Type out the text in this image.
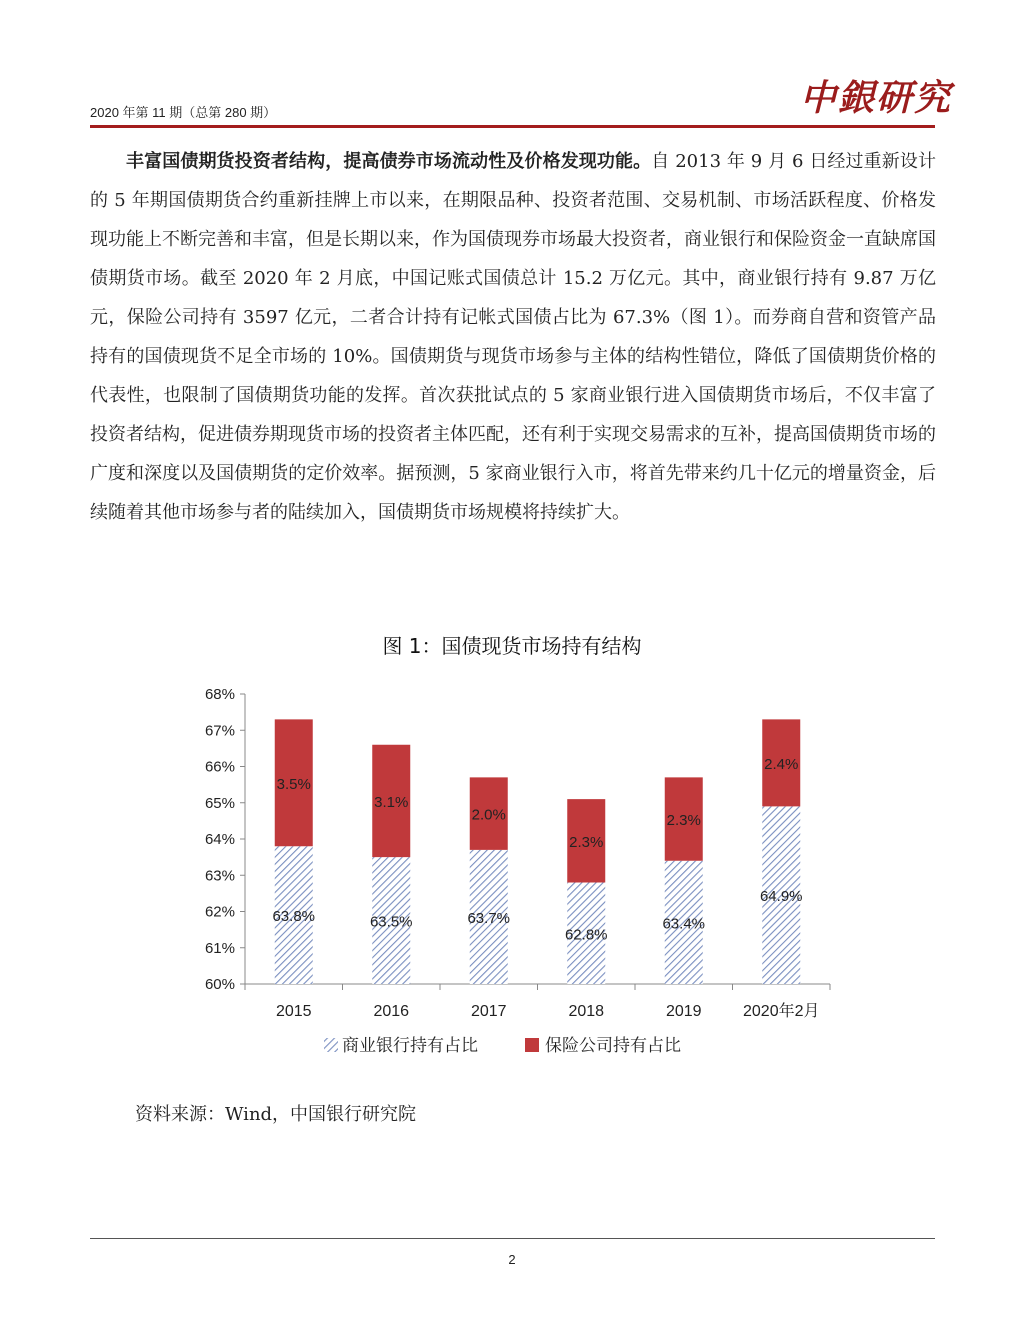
2020 年第 11 期（总第 280 期）	中銀研究
丰富国债期货投资者结构，提高债券市场流动性及价格发现功能。自 2013 年 9 月 6 日经过重新设计的 5 年期国债期货合约重新挂牌上市以来，在期限品种、投资者范围、交易机制、市场活跃程度、价格发现功能上不断完善和丰富，但是长期以来，作为国债现券市场最大投资者，商业银行和保险资金一直缺席国债期货市场。截至 2020 年 2 月底，中国记账式国债总计 15.2 万亿元。其中，商业银行持有 9.87 万亿元，保险公司持有 3597 亿元，二者合计持有记帐式国债占比为 67.3%（图 1）。而券商自营和资管产品持有的国债现货不足全市场的 10%。国债期货与现货市场参与主体的结构性错位，降低了国债期货价格的代表性，也限制了国债期货功能的发挥。首次获批试点的 5 家商业银行进入国债期货市场后，不仅丰富了投资者结构，促进债券期现货市场的投资者主体匹配，还有利于实现交易需求的互补，提高国债期货市场的广度和深度以及国债期货的定价效率。据预测，5 家商业银行入市，将首先带来约几十亿元的增量资金，后续随着其他市场参与者的陆续加入，国债期货市场规模将持续扩大。
图 1：国债现货市场持有结构
60%
61%
62%
63%
64%
65%
66%
67%
68%
2015	2016	2017	2018	2019	2020年2月
63.8%
3.5%
63.5%
3.1%
63.7%
2.0%
62.8%
2.3%
63.4%
2.3%
64.9%
2.4%
商业银行持有占比	保险公司持有占比
资料来源：Wind，中国银行研究院
2
